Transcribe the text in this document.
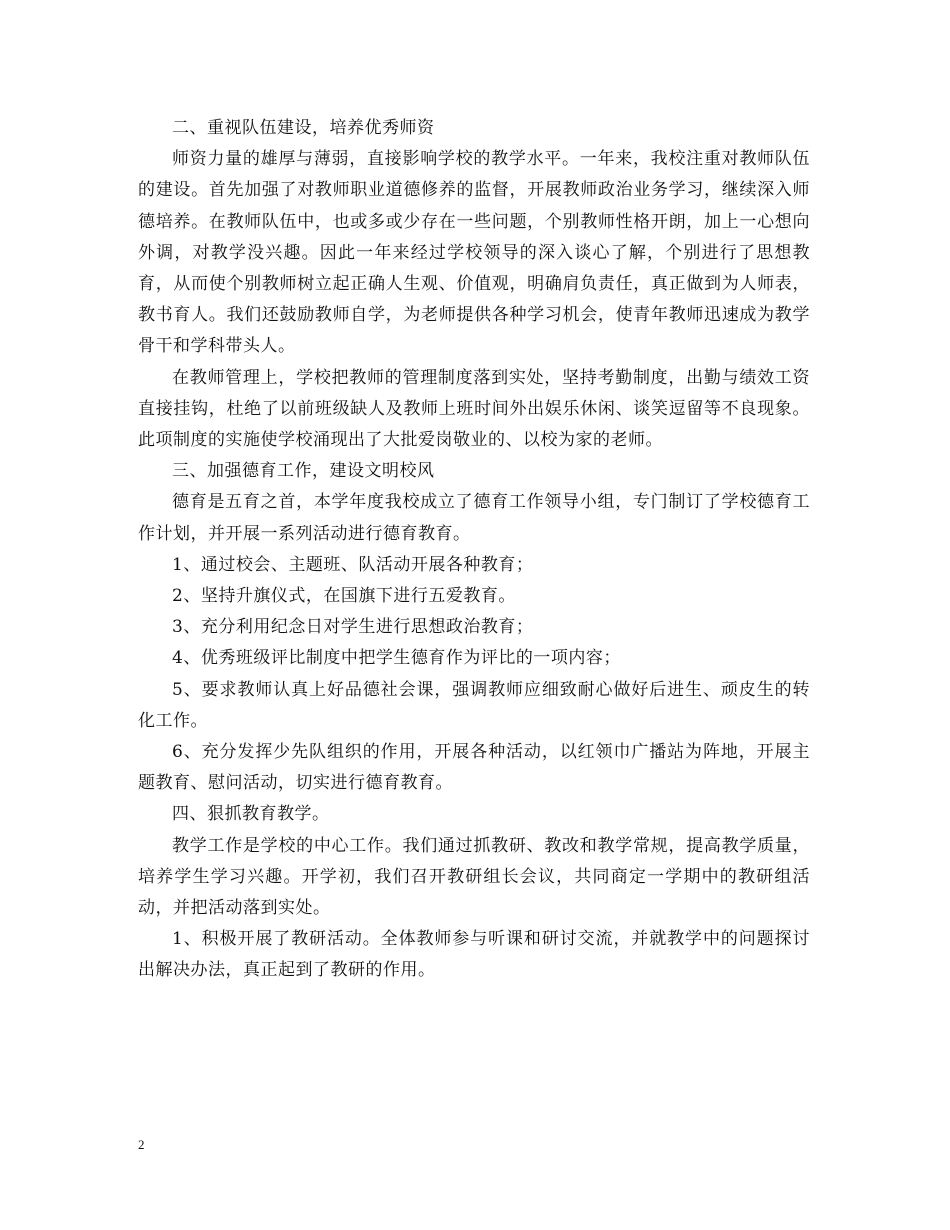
二、重视队伍建设，培养优秀师资

师资力量的雄厚与薄弱，直接影响学校的教学水平。一年来，我校注重对教师队伍的建设。首先加强了对教师职业道德修养的监督，开展教师政治业务学习，继续深入师德培养。在教师队伍中，也或多或少存在一些问题，个别教师性格开朗，加上一心想向外调，对教学没兴趣。因此一年来经过学校领导的深入谈心了解，个别进行了思想教育，从而使个别教师树立起正确人生观、价值观，明确肩负责任，真正做到为人师表，教书育人。我们还鼓励教师自学，为老师提供各种学习机会，使青年教师迅速成为教学骨干和学科带头人。

在教师管理上，学校把教师的管理制度落到实处，坚持考勤制度，出勤与绩效工资直接挂钩，杜绝了以前班级缺人及教师上班时间外出娱乐休闲、谈笑逗留等不良现象。此项制度的实施使学校涌现出了大批爱岗敬业的、以校为家的老师。

三、加强德育工作，建设文明校风

德育是五育之首，本学年度我校成立了德育工作领导小组，专门制订了学校德育工作计划，并开展一系列活动进行德育教育。

1、通过校会、主题班、队活动开展各种教育；

2、坚持升旗仪式，在国旗下进行五爱教育。

3、充分利用纪念日对学生进行思想政治教育；

4、优秀班级评比制度中把学生德育作为评比的一项内容；

5、要求教师认真上好品德社会课，强调教师应细致耐心做好后进生、顽皮生的转化工作。

6、充分发挥少先队组织的作用，开展各种活动，以红领巾广播站为阵地，开展主题教育、慰问活动，切实进行德育教育。

四、狠抓教育教学。

教学工作是学校的中心工作。我们通过抓教研、教改和教学常规，提高教学质量，培养学生学习兴趣。开学初，我们召开教研组长会议，共同商定一学期中的教研组活动，并把活动落到实处。

1、积极开展了教研活动。全体教师参与听课和研讨交流，并就教学中的问题探讨出解决办法，真正起到了教研的作用。

2
